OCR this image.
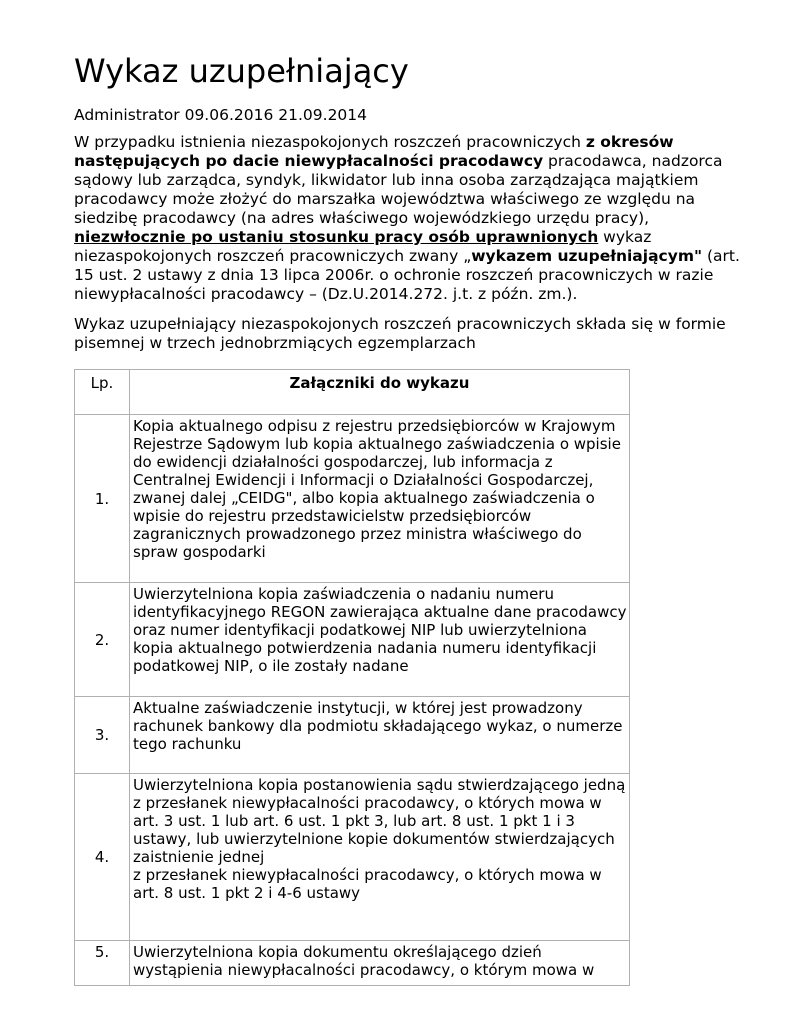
Wykaz uzupełniający
Administrator 09.06.2016 21.09.2014

W przypadku istnienia niezaspokojonych roszczeń pracowniczych z okresów następujących po dacie niewypłacalności pracodawcy pracodawca, nadzorca sądowy lub zarządca, syndyk, likwidator lub inna osoba zarządzająca majątkiem pracodawcy może złożyć do marszałka województwa właściwego ze względu na siedzibę pracodawcy (na adres właściwego wojewódzkiego urzędu pracy), niezwłocznie po ustaniu stosunku pracy osób uprawnionych wykaz niezaspokojonych roszczeń pracowniczych zwany „wykazem uzupełniającym" (art. 15 ust. 2 ustawy z dnia 13 lipca 2006r. o ochronie roszczeń pracowniczych w razie niewypłacalności pracodawcy – (Dz.U.2014.272. j.t. z późn. zm.).

Wykaz uzupełniający niezaspokojonych roszczeń pracowniczych składa się w formie pisemnej w trzech jednobrzmiących egzemplarzach

Lp.	Załączniki do wykazu
1.	Kopia aktualnego odpisu z rejestru przedsiębiorców w Krajowym Rejestrze Sądowym lub kopia aktualnego zaświadczenia o wpisie do ewidencji działalności gospodarczej, lub informacja z Centralnej Ewidencji i Informacji o Działalności Gospodarczej, zwanej dalej „CEIDG", albo kopia aktualnego zaświadczenia o wpisie do rejestru przedstawicielstw przedsiębiorców zagranicznych prowadzonego przez ministra właściwego do spraw gospodarki
2.	Uwierzytelniona kopia zaświadczenia o nadaniu numeru identyfikacyjnego REGON zawierająca aktualne dane pracodawcy oraz numer identyfikacji podatkowej NIP lub uwierzytelniona kopia aktualnego potwierdzenia nadania numeru identyfikacji podatkowej NIP, o ile zostały nadane
3.	Aktualne zaświadczenie instytucji, w której jest prowadzony rachunek bankowy dla podmiotu składającego wykaz, o numerze tego rachunku
4.	Uwierzytelniona kopia postanowienia sądu stwierdzającego jedną
z przesłanek niewypłacalności pracodawcy, o których mowa w art. 3 ust. 1 lub art. 6 ust. 1 pkt 3, lub art. 8 ust. 1 pkt 1 i 3 ustawy, lub uwierzytelnione kopie dokumentów stwierdzających zaistnienie jednej
z przesłanek niewypłacalności pracodawcy, o których mowa w art. 8 ust. 1 pkt 2 i 4-6 ustawy

5.	Uwierzytelniona kopia dokumentu określającego dzień wystąpienia niewypłacalności pracodawcy, o którym mowa w
